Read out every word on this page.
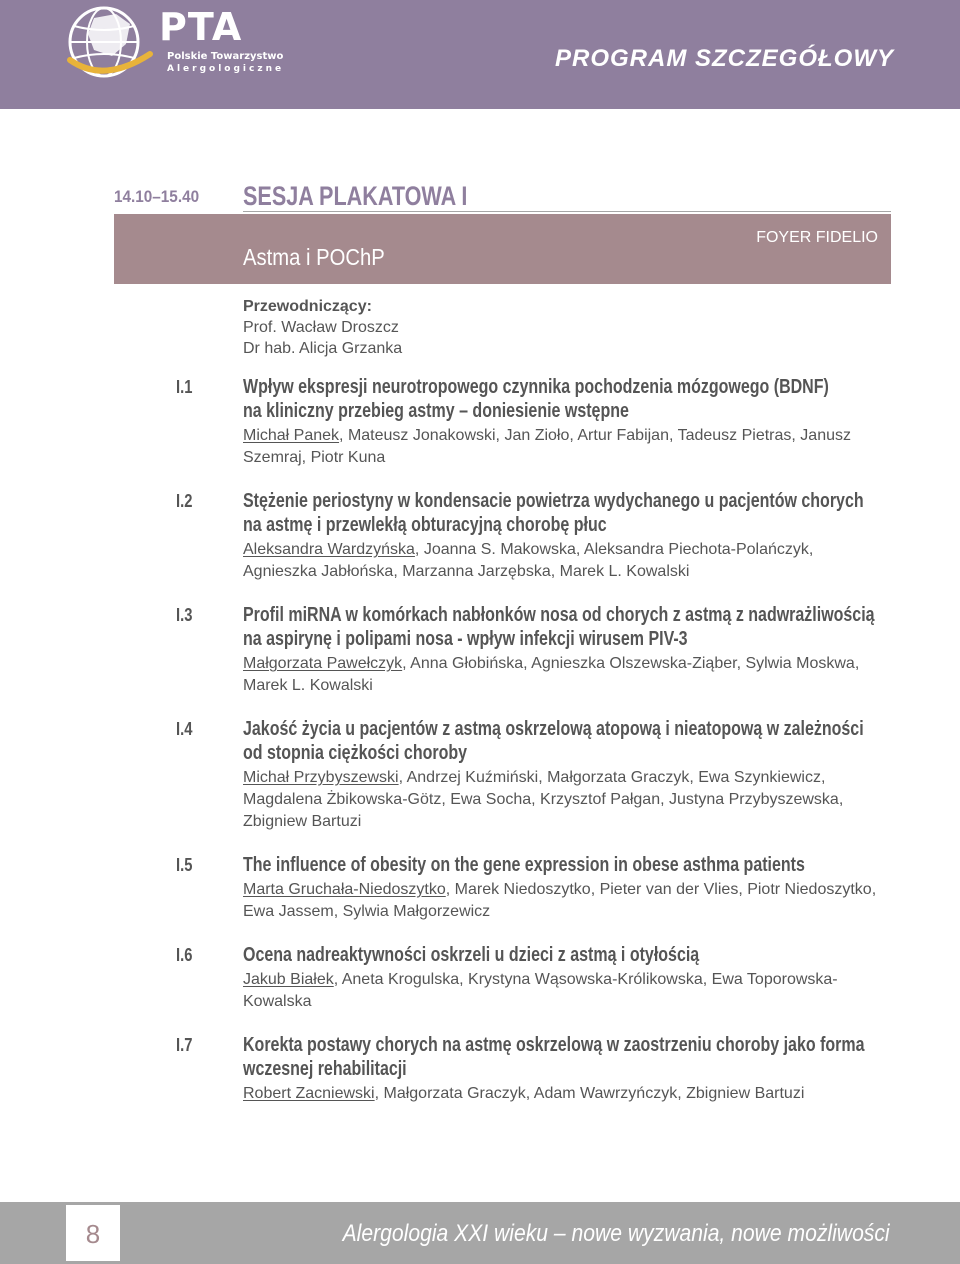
PTA
Polskie Towarzystwo
Alergologiczne	PROGRAM SZCZEGÓŁOWY
14.10–15.40 SESJA PLAKATOWA I
Astma i POChP
FOYER FIDELIO
Przewodniczący:
Prof. Wacław Droszcz
Dr hab. Alicja Grzanka
I.1	Wpływ ekspresji neurotropowego czynnika pochodzenia mózgowego (BDNF)
na kliniczny przebieg astmy – doniesienie wstępne
Michał Panek, Mateusz Jonakowski, Jan Zioło, Artur Fabijan, Tadeusz Pietras, Janusz Szemraj, Piotr Kuna
I.2	Stężenie periostyny w kondensacie powietrza wydychanego u pacjentów chorych
na astmę i przewlekłą obturacyjną chorobę płuc
Aleksandra Wardzyńska, Joanna S. Makowska, Aleksandra Piechota-Polańczyk, Agnieszka Jabłońska, Marzanna Jarzębska, Marek L. Kowalski
I.3	Profil miRNA w komórkach nabłonków nosa od chorych z astmą z nadwrażliwością
na aspirynę i polipami nosa - wpływ infekcji wirusem PIV-3
Małgorzata Pawełczyk, Anna Głobińska, Agnieszka Olszewska-Ziąber, Sylwia Moskwa, Marek L. Kowalski
I.4	Jakość życia u pacjentów z astmą oskrzelową atopową i nieatopową w zależności
od stopnia ciężkości choroby
Michał Przybyszewski, Andrzej Kuźmiński, Małgorzata Graczyk, Ewa Szynkiewicz, Magdalena Żbikowska-Götz, Ewa Socha, Krzysztof Pałgan, Justyna Przybyszewska, Zbigniew Bartuzi
I.5	The influence of obesity on the gene expression in obese asthma patients
Marta Gruchała-Niedoszytko, Marek Niedoszytko, Pieter van der Vlies, Piotr Niedoszytko, Ewa Jassem, Sylwia Małgorzewicz
I.6	Ocena nadreaktywności oskrzeli u dzieci z astmą i otyłością
Jakub Białek, Aneta Krogulska, Krystyna Wąsowska-Królikowska, Ewa Toporowska-Kowalska
I.7	Korekta postawy chorych na astmę oskrzelową w zaostrzeniu choroby jako forma
wczesnej rehabilitacji
Robert Zacniewski, Małgorzata Graczyk, Adam Wawrzyńczyk, Zbigniew Bartuzi
8	Alergologia XXI wieku – nowe wyzwania, nowe możliwości
